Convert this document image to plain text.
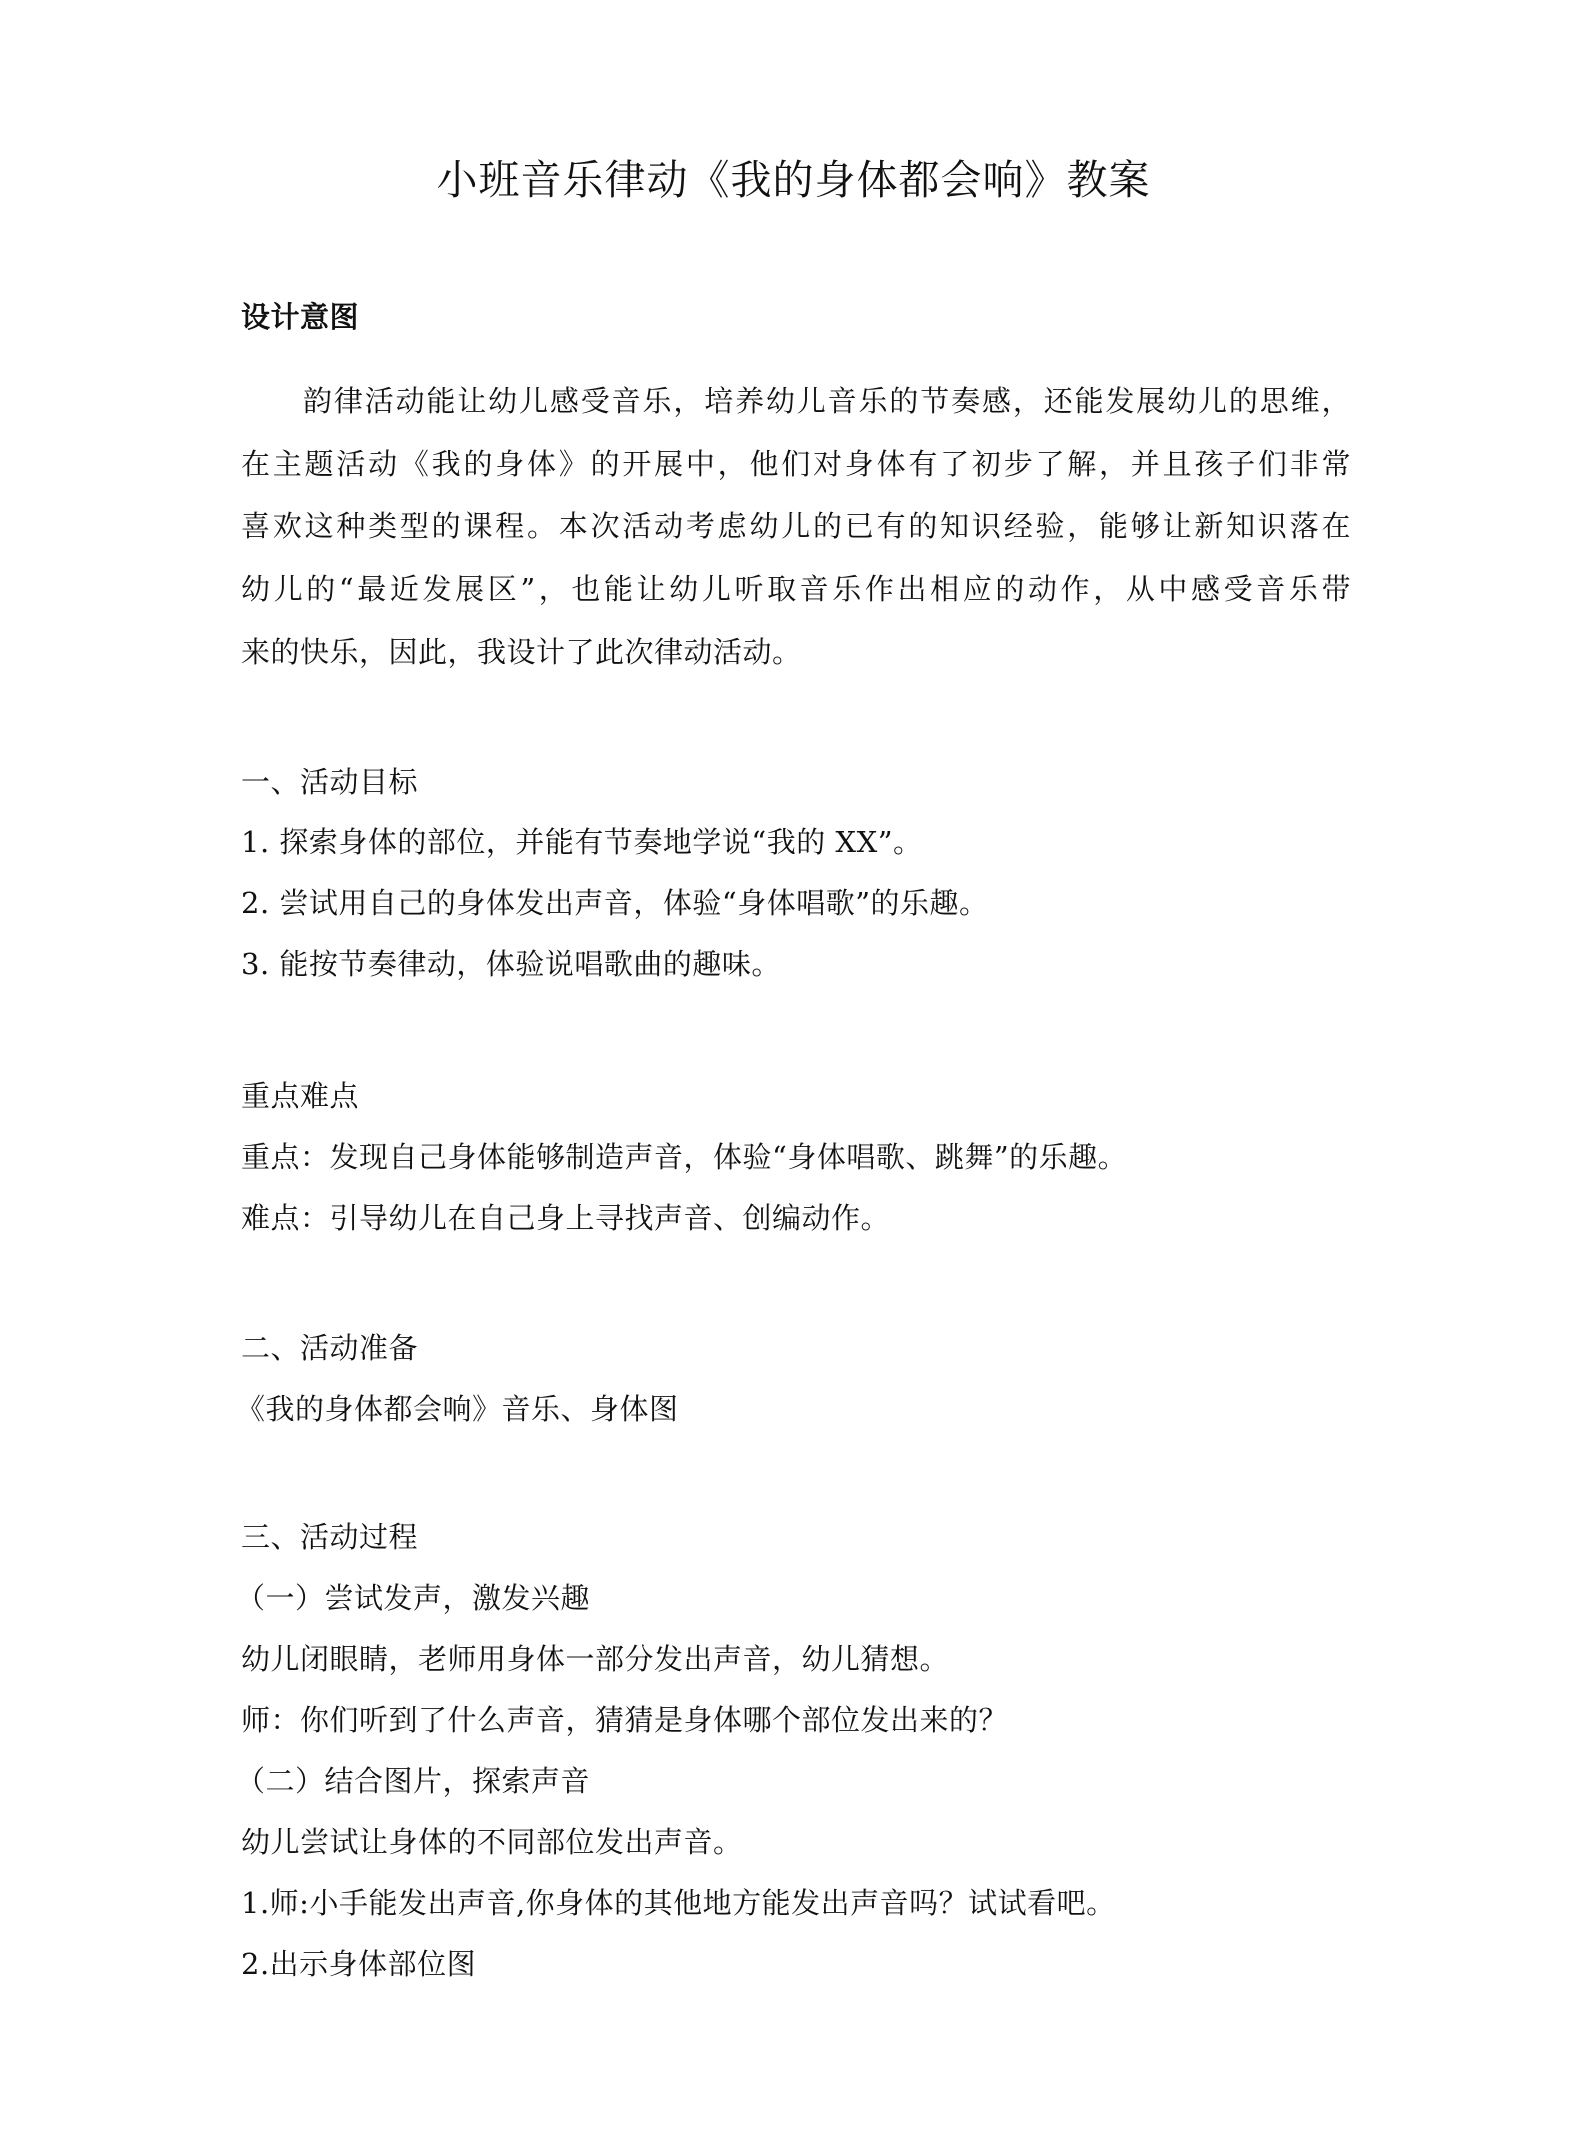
小班音乐律动《我的身体都会响》教案
设计意图
韵律活动能让幼儿感受音乐，培养幼儿音乐的节奏感，还能发展幼儿的思维，
在主题活动《我的身体》的开展中，他们对身体有了初步了解，并且孩子们非常
喜欢这种类型的课程。本次活动考虑幼儿的已有的知识经验，能够让新知识落在
幼儿的“最近发展区”，也能让幼儿听取音乐作出相应的动作，从中感受音乐带
来的快乐，因此，我设计了此次律动活动。
一、活动目标
1. 探索身体的部位，并能有节奏地学说“我的 XX”。
2. 尝试用自己的身体发出声音，体验“身体唱歌”的乐趣。
3. 能按节奏律动，体验说唱歌曲的趣味。
重点难点
重点：发现自己身体能够制造声音，体验“身体唱歌、跳舞”的乐趣。
难点：引导幼儿在自己身上寻找声音、创编动作。
二、活动准备
《我的身体都会响》音乐、身体图
三、活动过程
（一）尝试发声，激发兴趣
幼儿闭眼睛，老师用身体一部分发出声音，幼儿猜想。
师：你们听到了什么声音，猜猜是身体哪个部位发出来的？
（二）结合图片，探索声音
幼儿尝试让身体的不同部位发出声音。
1.师:小手能发出声音,你身体的其他地方能发出声音吗？试试看吧。
2.出示身体部位图
